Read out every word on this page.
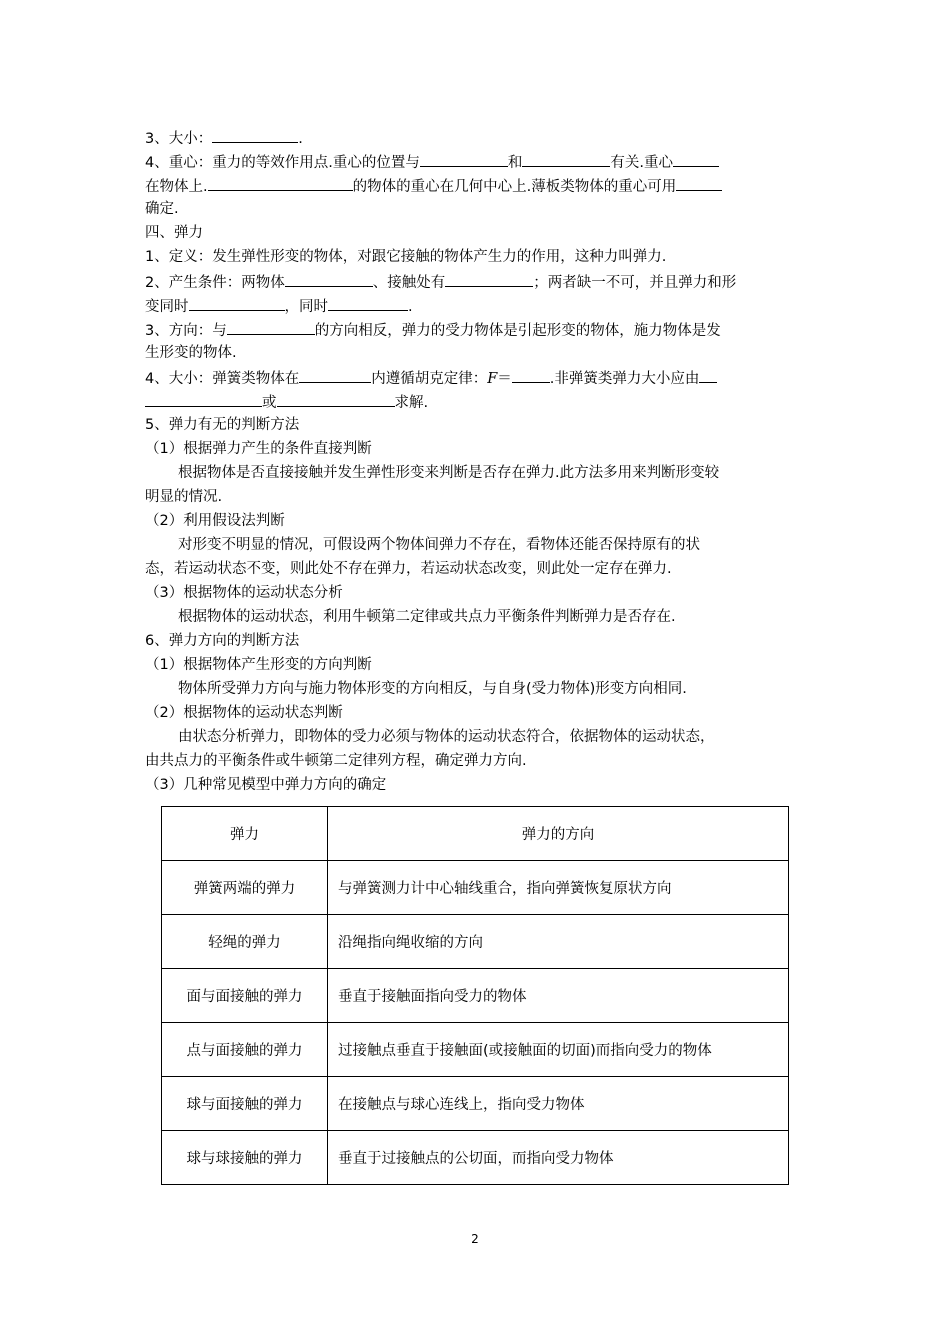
3、大小：	.
4、重心：重力的等效作用点.重心的位置与	和	有关.重心
在物体上.	的物体的重心在几何中心上.薄板类物体的重心可用
确定.
四、弹力
1、定义：发生弹性形变的物体，对跟它接触的物体产生力的作用，这种力叫弹力.
2、产生条件：两物体	、接触处有	；两者缺一不可，并且弹力和形
变同时	，同时	.
3、方向：与	的方向相反，弹力的受力物体是引起形变的物体，施力物体是发
生形变的物体.
4、大小：弹簧类物体在	内遵循胡克定律：F＝	.非弹簧类弹力大小应由
或	求解.
5、弹力有无的判断方法
（1）根据弹力产生的条件直接判断
根据物体是否直接接触并发生弹性形变来判断是否存在弹力.此方法多用来判断形变较
明显的情况.
（2）利用假设法判断
对形变不明显的情况，可假设两个物体间弹力不存在，看物体还能否保持原有的状
态，若运动状态不变，则此处不存在弹力，若运动状态改变，则此处一定存在弹力.
（3）根据物体的运动状态分析
根据物体的运动状态，利用牛顿第二定律或共点力平衡条件判断弹力是否存在.
6、弹力方向的判断方法
（1）根据物体产生形变的方向判断
物体所受弹力方向与施力物体形变的方向相反，与自身(受力物体)形变方向相同.
（2）根据物体的运动状态判断
由状态分析弹力，即物体的受力必须与物体的运动状态符合，依据物体的运动状态，
由共点力的平衡条件或牛顿第二定律列方程，确定弹力方向.
（3）几种常见模型中弹力方向的确定
弹力	弹力的方向
弹簧两端的弹力	与弹簧测力计中心轴线重合，指向弹簧恢复原状方向
轻绳的弹力	沿绳指向绳收缩的方向
面与面接触的弹力	垂直于接触面指向受力的物体
点与面接触的弹力	过接触点垂直于接触面(或接触面的切面)而指向受力的物体
球与面接触的弹力	在接触点与球心连线上，指向受力物体
球与球接触的弹力	垂直于过接触点的公切面，而指向受力物体
2
